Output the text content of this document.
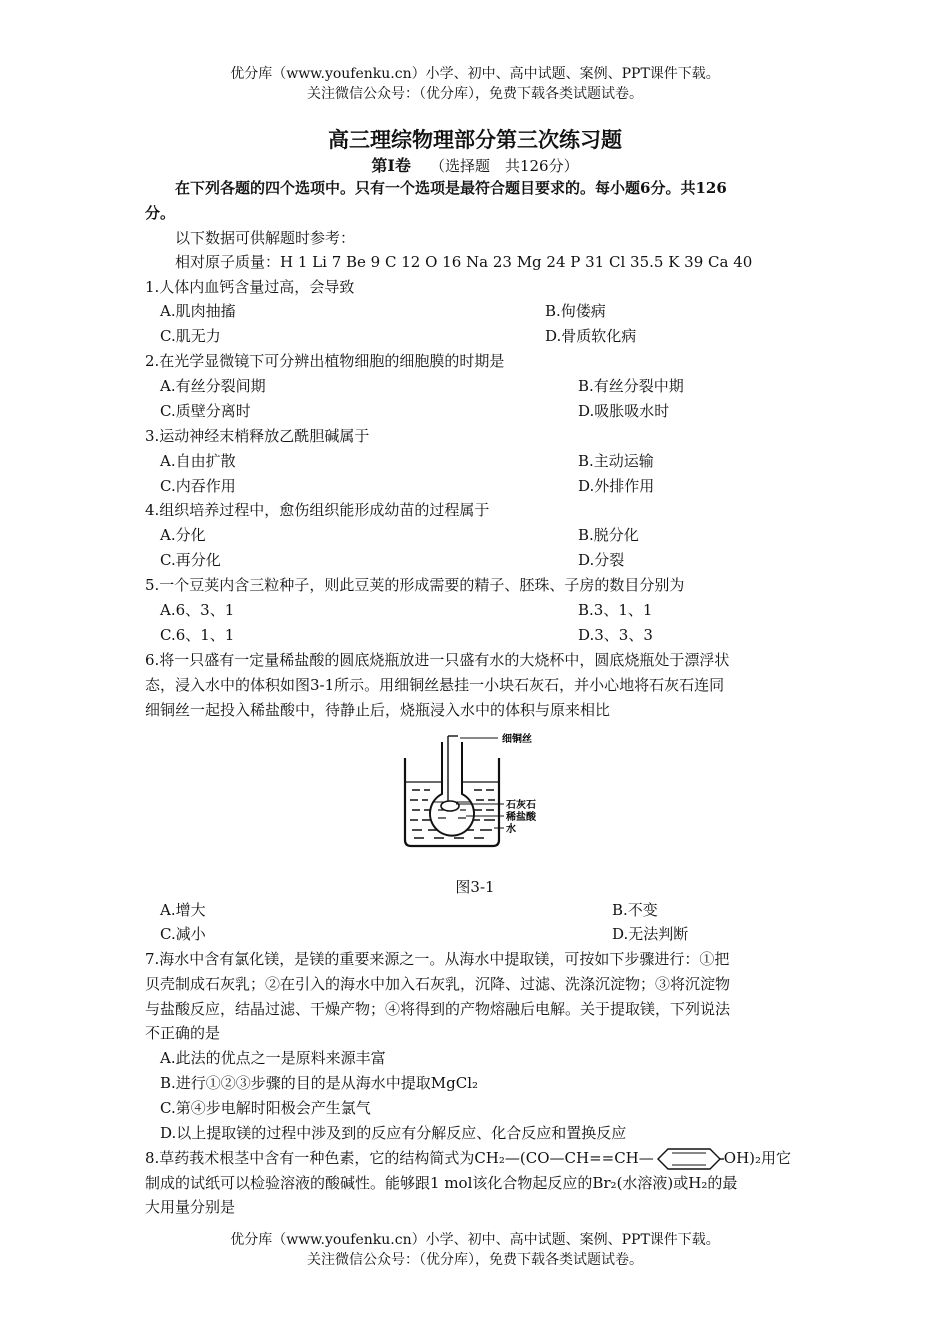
优分库（www.youfenku.cn）小学、初中、高中试题、案例、PPT课件下载。
关注微信公众号：（优分库），免费下载各类试题试卷。
高三理综物理部分第三次练习题
第Ⅰ卷 （选择题　共126分）
在下列各题的四个选项中。只有一个选项是最符合题目要求的。每小题6分。共126
分。
以下数据可供解题时参考：
相对原子质量：H 1 Li 7 Be 9 C 12 O 16 Na 23 Mg 24 P 31 Cl 35.5 K 39 Ca 40
1.人体内血钙含量过高，会导致
A.肌肉抽搐	B.佝偻病
C.肌无力	D.骨质软化病
2.在光学显微镜下可分辨出植物细胞的细胞膜的时期是
A.有丝分裂间期	B.有丝分裂中期
C.质壁分离时	D.吸胀吸水时
3.运动神经末梢释放乙酰胆碱属于
A.自由扩散	B.主动运输
C.内吞作用	D.外排作用
4.组织培养过程中，愈伤组织能形成幼苗的过程属于
A.分化	B.脱分化
C.再分化	D.分裂
5.一个豆荚内含三粒种子，则此豆荚的形成需要的精子、胚珠、子房的数目分别为
A.6、3、1	B.3、1、1
C.6、1、1	D.3、3、3
6.将一只盛有一定量稀盐酸的圆底烧瓶放进一只盛有水的大烧杯中，圆底烧瓶处于漂浮状
态，浸入水中的体积如图3-1所示。用细铜丝悬挂一小块石灰石，并小心地将石灰石连同
细铜丝一起投入稀盐酸中，待静止后，烧瓶浸入水中的体积与原来相比
细铜丝
石灰石
稀盐酸
水
图3-1
A.增大	B.不变
C.减小	D.无法判断
7.海水中含有氯化镁，是镁的重要来源之一。从海水中提取镁，可按如下步骤进行：①把
贝壳制成石灰乳；②在引入的海水中加入石灰乳，沉降、过滤、洗涤沉淀物；③将沉淀物
与盐酸反应，结晶过滤、干燥产物；④将得到的产物熔融后电解。关于提取镁，下列说法
不正确的是
A.此法的优点之一是原料来源丰富
B.进行①②③步骤的目的是从海水中提取MgCl₂
C.第④步电解时阳极会产生氯气
D.以上提取镁的过程中涉及到的反应有分解反应、化合反应和置换反应
8.草药莪术根茎中含有一种色素，它的结构简式为CH₂—(CO—CH==CH—	OH)₂用它
制成的试纸可以检验溶液的酸碱性。能够跟1 mol该化合物起反应的Br₂(水溶液)或H₂的最
大用量分别是
优分库（www.youfenku.cn）小学、初中、高中试题、案例、PPT课件下载。
关注微信公众号：（优分库），免费下载各类试题试卷。
